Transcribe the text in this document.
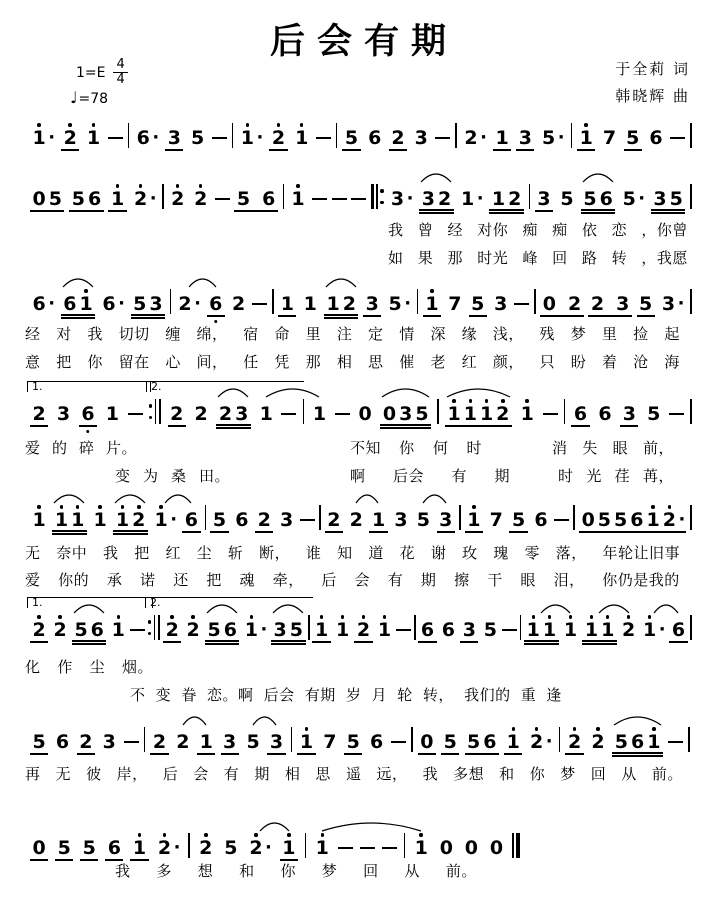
后会有期
于全莉 词
韩晓辉 曲
$1=E \frac{4}{4}$
♩=78
1 · 2 1 6 · 3 5 1 · 2 1 5 6 2 3 2 · 1 3 5 · 1 7 5 6
0 5 5 6 1 2 · 2 2 5 6 1	3 · 3 2 1 · 1 2 3 5 5 6 5 · 3 5
6 · 6 1 6 · 5 3 2 · 6 2 1 1 1 2 3 5 · 1 7 5 3 0 2 2 3 5 3 ·
2 3 6 1	2 2 2 3 1 1 0 0 3 5 1 1 1 2 1 6 6 3 5
1.	2.
1 1 1 1 1 2 1 · 6 5 6 2 3 2 2 1 3 5 3 1 7 5 6 0 5 5 6 1 2 ·
2 2 5 6 1 2 2 5 6 1 · 3 5 1 1 2 1 6 6 3 5 1 1 1 1 1 2 1 · 6
1.	2.
5 6 2 3 2 2 1 3 5 3 1 7 5 6 0 5 5 6 1 2 · 2 2 5 6 1
0 5 5 6 1 2 · 2 5 2 · 1 1	1 0 0 0
我 曾 经 对你 痴 痴 依 恋 ，你曾
如 果 那 时光 峰 回 路 转 ，我愿
经 对 我 切切 缠 绵， 宿 命 里 注 定 情 深 缘 浅， 残 梦 里 捡 起
意 把 你 留在 心 间， 任 凭 那 相 思 催 老 红 颜， 只 盼 着 沧 海
爱 的 碎 片。	不知 你 何 时	消 失 眼 前，
变 为 桑 田。	啊 后会 有 期	时 光 荏 苒，
无 奈中 我 把 红 尘 斩 断， 谁 知 道 花 谢 玫 瑰 零 落， 年轮让旧事
爱 你的 承 诺 还 把 魂 牵， 后 会 有 期 擦 干 眼 泪， 你仍是我的
化 作 尘 烟。
不 变 眷 恋。啊 后会 有期 岁 月 轮 转， 我们的 重 逢
再 无 彼 岸， 后 会 有 期 相 思 遥 远， 我 多想 和 你 梦 回 从 前。
我 多 想 和 你 梦 回 从 前。
